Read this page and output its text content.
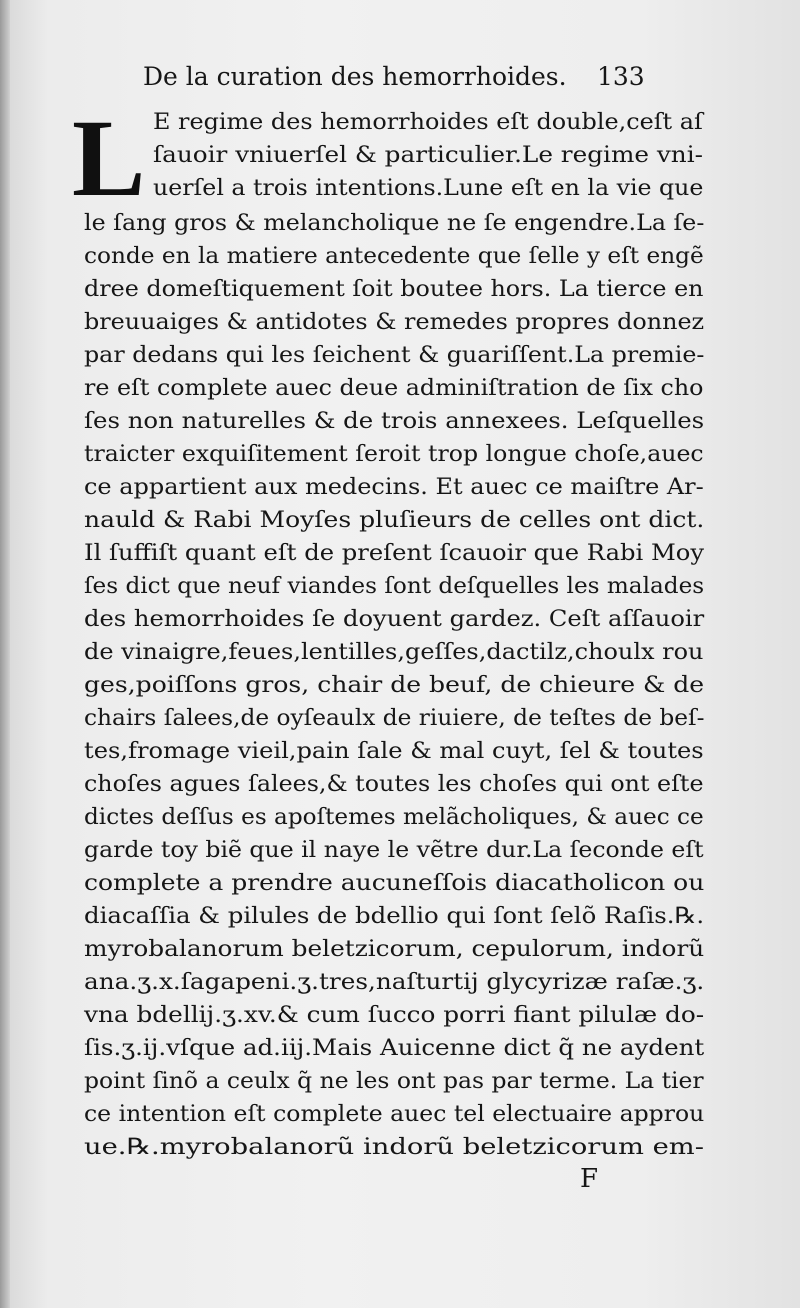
De la curation des hemorrhoides. 133
L E regime des hemorrhoides eſt double,ceſt aſ
ſauoir vniuerſel & particulier.Le regime vni-
uerſel a trois intentions.Lune eſt en la vie que
le ſang gros & melancholique ne ſe engendre.La ſe-
conde en la matiere antecedente que ſelle y eſt engẽ
dree domeſtiquement ſoit boutee hors. La tierce en
breuuaiges & antidotes & remedes propres donnez
par dedans qui les ſeichent & guariſſent.La premie-
re eſt complete auec deue adminiſtration de ſix cho
ſes non naturelles & de trois annexees. Leſquelles
traicter exquiſitement ſeroit trop longue choſe,auec
ce appartient aux medecins. Et auec ce maiſtre Ar-
nauld & Rabi Moyſes pluſieurs de celles ont dict.
Il ſuffiſt quant eſt de preſent ſcauoir que Rabi Moy
ſes dict que neuf viandes ſont deſquelles les malades
des hemorrhoides ſe doyuent gardez. Ceſt aſſauoir
de vinaigre,feues,lentilles,geſſes,dactilz,choulx rou
ges,poiſſons gros, chair de beuf, de chieure & de
chairs ſalees,de oyſeaulx de riuiere, de teſtes de beſ-
tes,fromage vieil,pain ſale & mal cuyt, ſel & toutes
choſes agues ſalees,& toutes les choſes qui ont eſte
dictes deſſus es apoſtemes melãcholiques, & auec ce
garde toy biẽ que il naye le vẽtre dur.La ſeconde eſt
complete a prendre aucuneſſois diacatholicon ou
diacaſſia & pilules de bdellio qui ſont ſelõ Raſis.℞.
myrobalanorum beletzicorum, cepulorum, indorũ
ana.ʒ.x.ſagapeni.ʒ.tres,naſturtij glycyrizæ raſæ.ʒ.
vna bdellij.ʒ.xv.& cum ſucco porri fiant pilulæ do-
ſis.ʒ.ij.vſque ad.iij.Mais Auicenne dict q̃ ne aydent
point ſinõ a ceulx q̃ ne les ont pas par terme. La tier
ce intention eſt complete auec tel electuaire approu
ue.℞.myrobalanorũ indorũ beletzicorum em-
F
